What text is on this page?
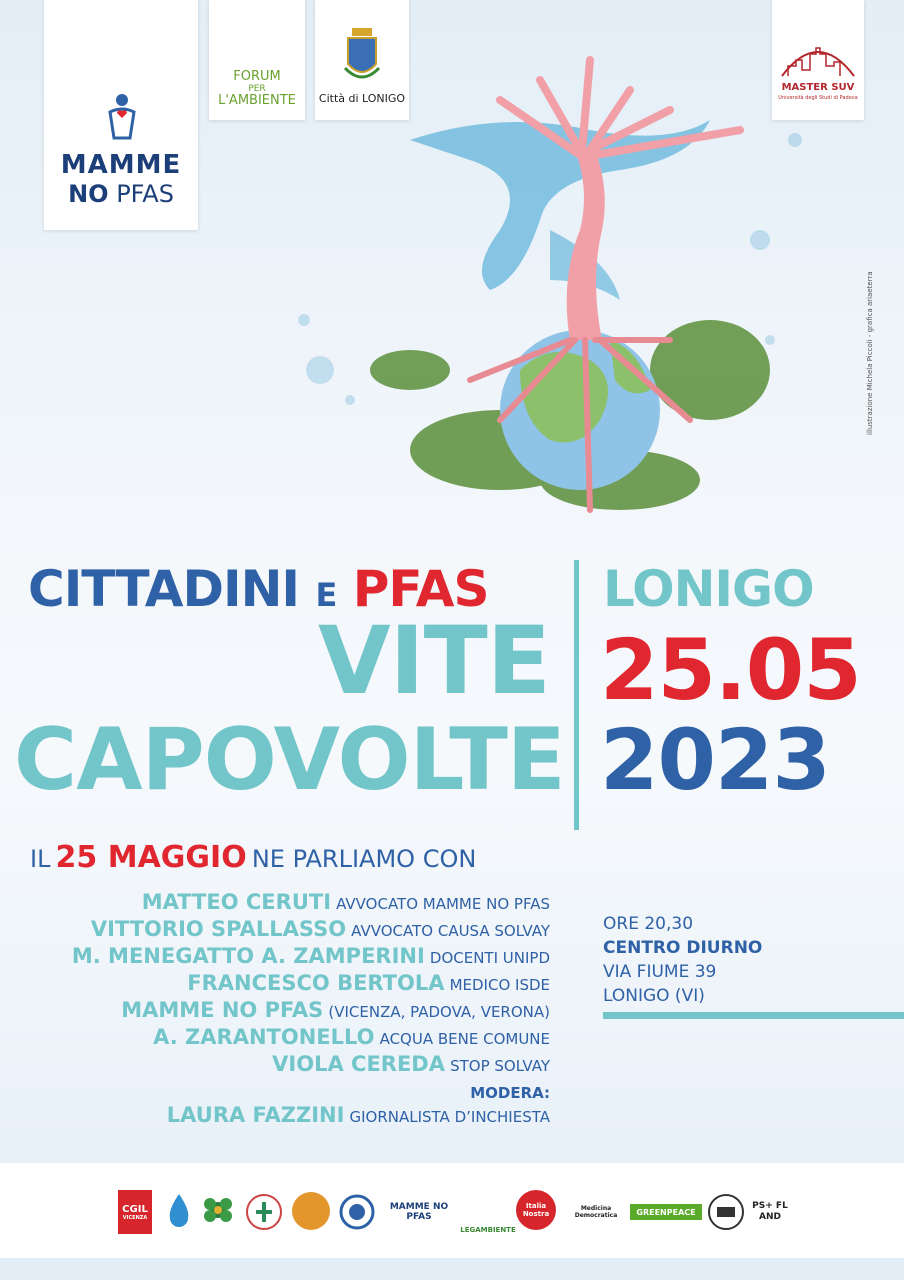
MAMME
NO PFAS
FORUM
PER
L'AMBIENTE	Città di LONIGO
MASTER SUV
Università degli Studi di Padova
illustrazione Michela Piccoli - grafica ariaeterra
CITTADINI E PFAS
VITE
CAPOVOLTE
LONIGO
25.05
2023
IL 25 MAGGIO NE PARLIAMO CON
MATTEO CERUTI AVVOCATO MAMME NO PFAS
VITTORIO SPALLASSO AVVOCATO CAUSA SOLVAY
M. MENEGATTO A. ZAMPERINI DOCENTI UNIPD
FRANCESCO BERTOLA MEDICO ISDE
MAMME NO PFAS (VICENZA, PADOVA, VERONA)
A. ZARANTONELLO ACQUA BENE COMUNE
VIOLA CEREDA STOP SOLVAY
MODERA:
LAURA FAZZINI GIORNALISTA D’INCHIESTA
ORE 20,30
CENTRO DIURNO
VIA FIUME 39
LONIGO (VI)
CGIL
VICENZA
MAMME NO PFAS
LEGAMBIENTE
Italia Nostra
Medicina Democratica	GREENPEACE
PS+ FL AND
